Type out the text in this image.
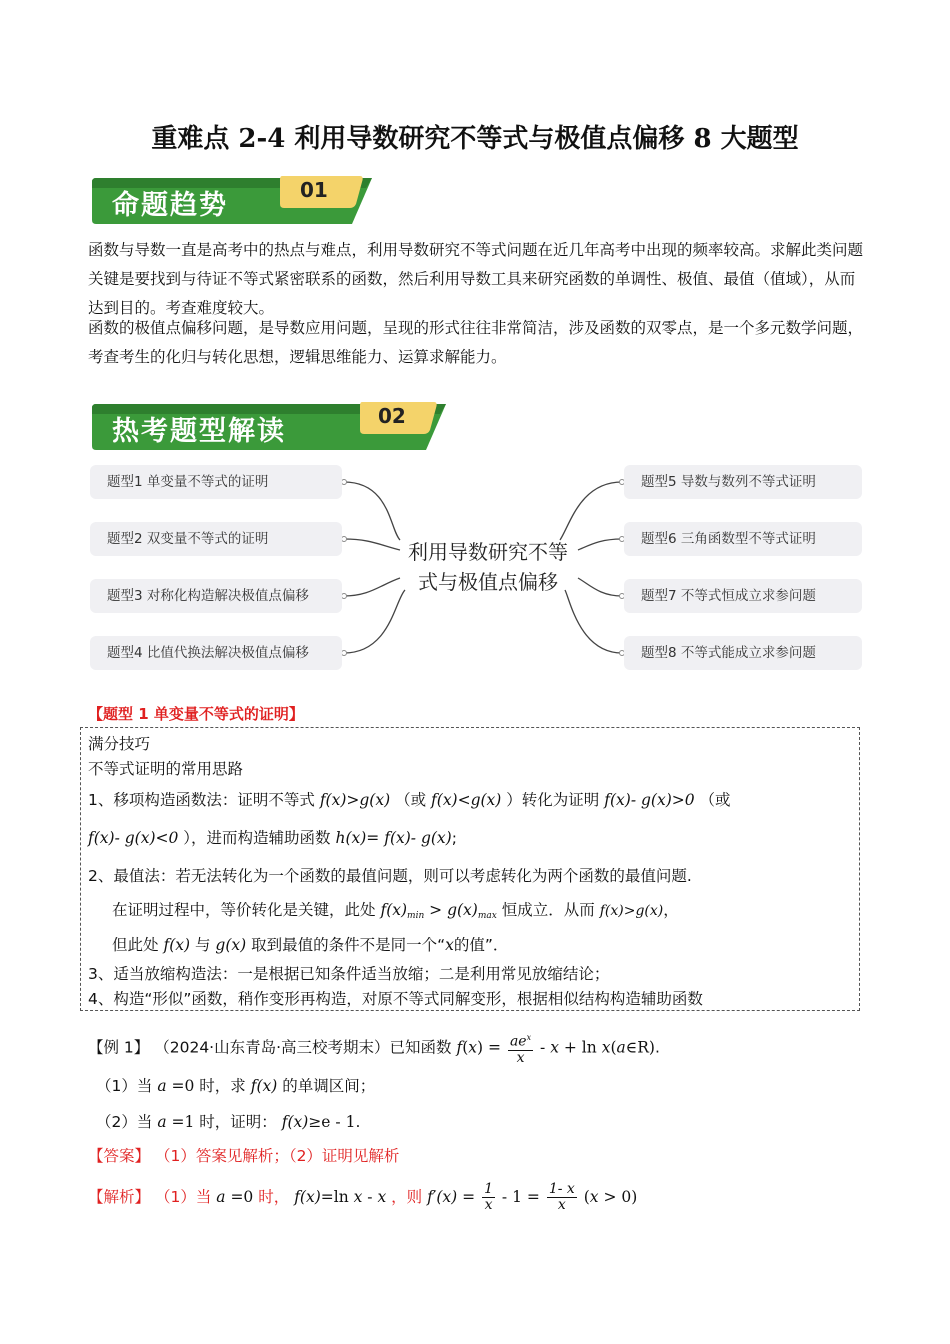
重难点 2-4 利用导数研究不等式与极值点偏移 8 大题型
命题趋势	01
函数与导数一直是高考中的热点与难点，利用导数研究不等式问题在近几年高考中出现的频率较高。求解此类问题关键是要找到与待证不等式紧密联系的函数，然后利用导数工具来研究函数的单调性、极值、最值（值域），从而达到目的。考查难度较大。
函数的极值点偏移问题，是导数应用问题，呈现的形式往往非常简洁，涉及函数的双零点，是一个多元数学问题，考查考生的化归与转化思想，逻辑思维能力、运算求解能力。
热考题型解读	02
题型1 单变量不等式的证明
题型2 双变量不等式的证明
题型3 对称化构造解决极值点偏移
题型4 比值代换法解决极值点偏移
题型5 导数与数列不等式证明
题型6 三角函数型不等式证明
题型7 不等式恒成立求参问题
题型8 不等式能成立求参问题
利用导数研究不等
式与极值点偏移
【题型 1 单变量不等式的证明】
满分技巧
不等式证明的常用思路
1、移项构造函数法：证明不等式 f(x)>g(x) （或 f(x)<g(x) ）转化为证明 f(x)- g(x)>0 （或
f(x)- g(x)<0 ），进而构造辅助函数 h(x)= f(x)- g(x);
2、最值法：若无法转化为一个函数的最值问题，则可以考虑转化为两个函数的最值问题.
在证明过程中，等价转化是关键，此处 $f(x)_{min} > g(x)_{max}$ 恒成立．从而 f(x)>g(x)，
但此处 f(x) 与 g(x) 取到最值的条件不是同一个“x的值”．
3、适当放缩构造法：一是根据已知条件适当放缩；二是利用常见放缩结论；
4、构造“形似”函数，稍作变形再构造，对原不等式同解变形，根据相似结构构造辅助函数
【例 1】 （2024·山东青岛·高三校考期末）已知函数 $f(x) = \frac{ae^x}{x} - x + \ln$ x(a∈R).
（1）当 a =0 时，求 f(x) 的单调区间；
（2）当 a =1 时，证明： f(x)≥e - 1.
【答案】 （1）答案见解析；（2）证明见解析
【解析】 （1）当 a =0 时， f(x)=ln x - x ，则 $f'(x) = \frac{1}{x} - 1 = \frac{1- x}{x} (x > 0)$
